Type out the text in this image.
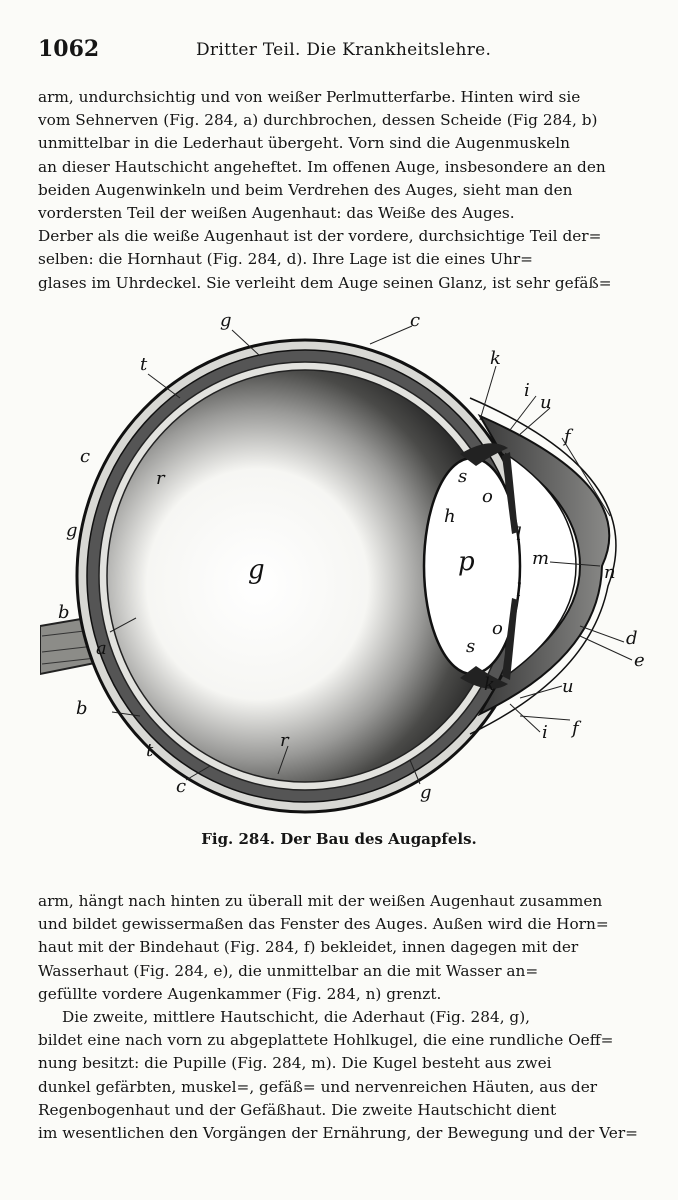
1062	Dritter Teil. Die Krankheitslehre.
arm, undurchsichtig und von weißer Perlmutterfarbe. Hinten wird sie
vom Sehnerven (Fig. 284, a) durchbrochen, dessen Scheide (Fig 284, b)
unmittelbar in die Lederhaut übergeht. Vorn sind die Augenmuskeln
an dieser Hautschicht angeheftet. Im offenen Auge, insbesondere an den
beiden Augenwinkeln und beim Verdrehen des Auges, sieht man den
vordersten Teil der weißen Augenhaut: das Weiße des Auges.
Derber als die weiße Augenhaut ist der vordere, durchsichtige Teil der=
selben: die Hornhaut (Fig. 284, d). Ihre Lage ist die eines Uhr=
glases im Uhrdeckel. Sie verleiht dem Auge seinen Glanz, ist sehr gefäß=
g	c
t	k
i
u
f
c
r	s
o
g
h
l
g	p	m
n
l
b
o	d
s
a
e
k	u
b
f
i
r
t
c	g
Fig. 284. Der Bau des Augapfels.
arm, hängt nach hinten zu überall mit der weißen Augenhaut zusammen
und bildet gewissermaßen das Fenster des Auges. Außen wird die Horn=
haut mit der Bindehaut (Fig. 284, f) bekleidet, innen dagegen mit der
Wasserhaut (Fig. 284, e), die unmittelbar an die mit Wasser an=
gefüllte vordere Augenkammer (Fig. 284, n) grenzt.
Die zweite, mittlere Hautschicht, die Aderhaut (Fig. 284, g),
bildet eine nach vorn zu abgeplattete Hohlkugel, die eine rundliche Oeff=
nung besitzt: die Pupille (Fig. 284, m). Die Kugel besteht aus zwei
dunkel gefärbten, muskel=, gefäß= und nervenreichen Häuten, aus der
Regenbogenhaut und der Gefäßhaut. Die zweite Hautschicht dient
im wesentlichen den Vorgängen der Ernährung, der Bewegung und der Ver=
